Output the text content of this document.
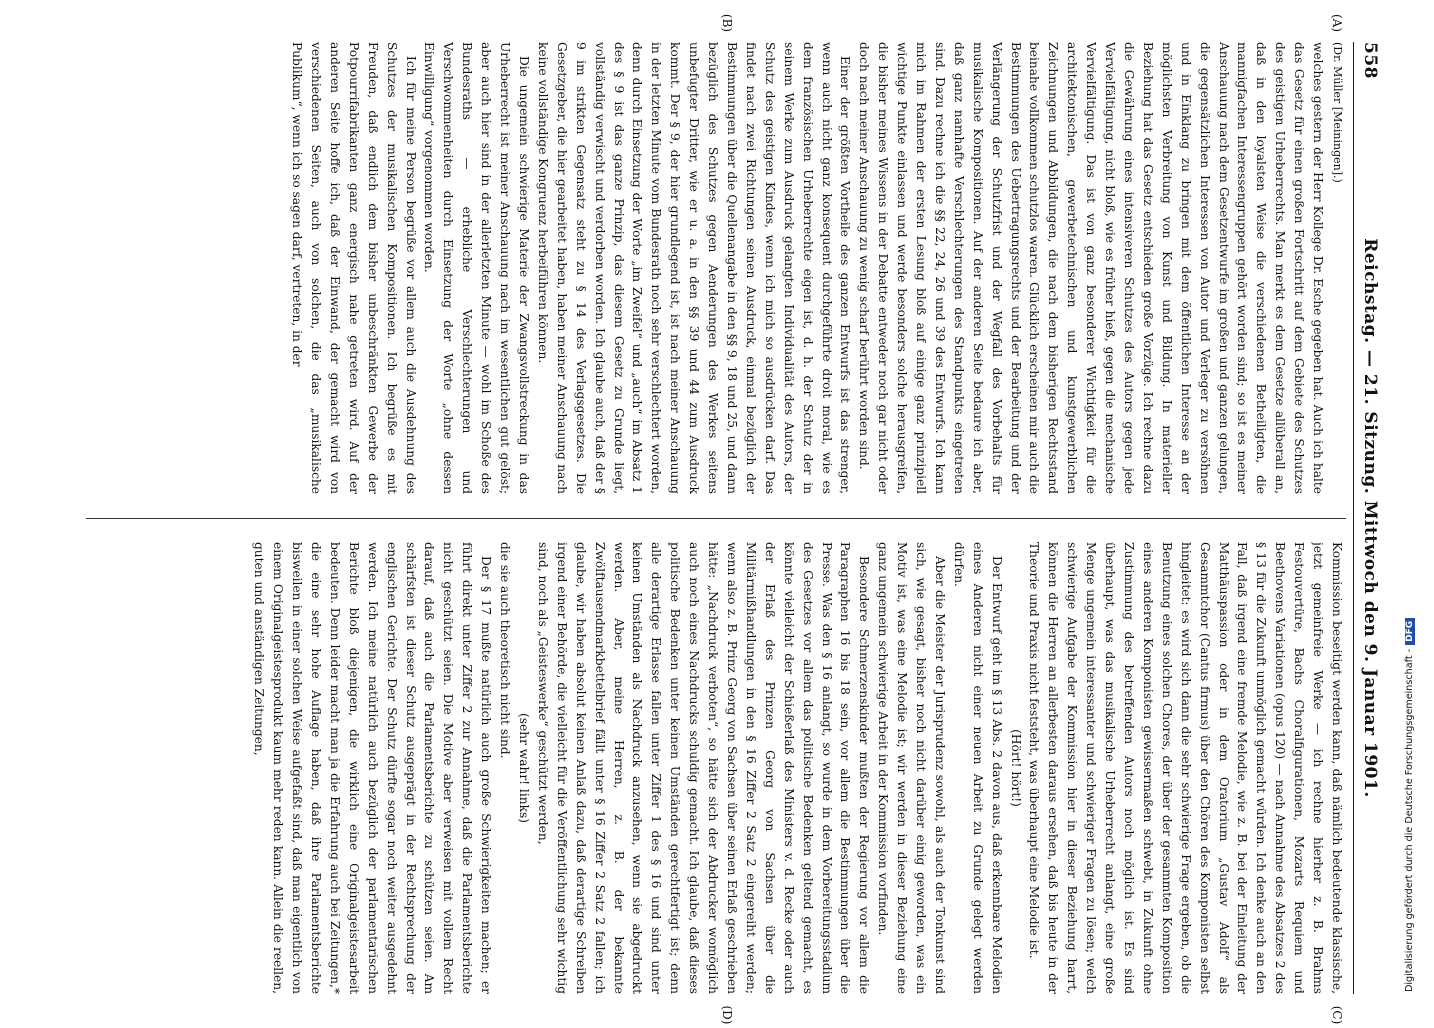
558
Reichstag. — 21. Sitzung. Mittwoch den 9. Januar 1901.
(A)
(B)
(C)
(D)

(Dr. Müller [Meiningen].)

welches gestern der Herr Kollege Dr. Esche gegeben hat. Auch ich halte das Gesetz für einen großen Fortschritt auf dem Gebiete des Schutzes des geistigen Urheberrechts. Man merkt es dem Gesetze allüberall an, daß in den loyalsten Weise die verschiedenen Betheiligten, die mannigfachen Interessengruppen gehört worden sind; so ist es meiner Anschauung nach dem Gesetzentwurfe im großen und ganzen gelungen, die gegensätzlichen Interessen von Autor und Verleger zu versöhnen und in Einklang zu bringen mit dem öffentlichen Interesse an der möglichsten Verbreitung von Kunst und Bildung. In materieller Beziehung hat das Gesetz entschieden große Vorzüge. Ich rechne dazu die Gewährung eines intensiveren Schutzes des Autors gegen jede Vervielfältigung, nicht bloß, wie es früher hieß, gegen die mechanische Vervielfältigung. Das ist von ganz besonderer Wichtigkeit für die architektonischen, gewerbetechnischen und kunstgewerblichen Zeichnungen und Abbildungen, die nach dem bisherigen Rechtsstand beinahe vollkommen schutzlos waren. Glücklich erscheinen mir auch die Bestimmungen des Uebertragungsrechts und der Bearbeitung und der Verlängerung der Schutzfrist und der Wegfall des Vorbehalts für musikalische Kompositionen. Auf der anderen Seite bedaure ich aber, daß ganz namhafte Verschlechterungen des Standpunkts eingetreten sind. Dazu rechne ich die §§ 22, 24, 26 und 39 des Entwurfs. Ich kann mich im Rahmen der ersten Lesung bloß auf einige ganz prinzipiell wichtige Punkte einlassen und werde besonders solche herausgreifen, die bisher meines Wissens in der Debatte entweder noch gar nicht oder doch nach meiner Anschauung zu wenig scharf berührt worden sind.

Einer der größten Vortheile des ganzen Entwurfs ist das strenger, wenn auch nicht ganz konsequent durchgeführte droit moral, wie es dem französischen Urheberrechte eigen ist, d. h. der Schutz der in seinem Werke zum Ausdruck gelangten Individualität des Autors, der Schutz des geistigen Kindes, wenn ich mich so ausdrücken darf. Das findet nach zwei Richtungen seinen Ausdruck, einmal bezüglich der Bestimmungen über die Quellenangabe in den §§ 9, 18 und 25, und dann bezüglich des Schutzes gegen Aenderungen des Werkes seitens unbefugter Dritter, wie er u. a. in den §§ 39 und 44 zum Ausdruck kommt. Der § 9, der hier grundlegend ist, ist nach meiner Anschauung in der letzten Minute vom Bundesrath noch sehr verschlechtert worden, denn durch Einsetzung der Worte „im Zweifel“ und „auch“ im Absatz 1 des § 9 ist das ganze Prinzip, das diesem Gesetz zu Grunde liegt, vollständig verwischt und verdorben worden. Ich glaube auch, daß der § 9 im strikten Gegensatz steht zu § 14 des Verlagsgesetzes. Die Gesetzgeber, die hier gearbeitet haben, haben meiner Anschauung nach keine vollständige Kongruenz herbeiführen können.

Die ungemein schwierige Materie der Zwangsvollstreckung in das Urheberrecht ist meiner Anschauung nach im wesentlichen gut gelöst; aber auch hier sind in der allerletzten Minute — wohl im Schoße des Bundesraths — erhebliche Verschlechterungen und Verschwommenheiten durch Einsetzung der Worte „ohne dessen Einwilligung“ vorgenommen worden.

Ich für meine Person begrüße vor allem auch die Ausdehnung des Schutzes der musikalischen Kompositionen. Ich begrüße es mit Freuden, daß endlich dem bisher unbeschränkten Gewerbe der Potpourrifabrikanten ganz energisch nahe getreten wird. Auf der anderen Seite hoffe ich, daß der Einwand, der gemacht wird von verschiedenen Seiten, auch von solchen, die das „musikalische Publikum“, wenn ich so sagen darf, vertreten, in der

Kommission beseitigt werden kann, daß nämlich bedeutende klassische, jetzt gemeinfreie Werke — ich rechne hierher z. B. Brahms Festouvertüre, Bachs Choralfigurationen, Mozarts Requiem und Beethovens Variationen (opus 120) — nach Annahme des Absatzes 2 des § 13 für die Zukunft unmöglich gemacht würden. Ich denke auch an den Fall, daß irgend eine fremde Melodie, wie z. B. bei der Einleitung der Matthäuspassion oder in dem Oratorium „Gustav Adolf“ als Gesammtchor (Cantus firmus) über den Chören des Komponisten selbst hingleitet: es wird sich dann die sehr schwierige Frage ergeben, ob die Benutzung eines solchen Chores, der über der gesammten Komposition eines anderen Komponisten gewissermaßen schwebt, in Zukunft ohne Zustimmung des betreffenden Autors noch möglich ist. Es sind überhaupt, was das musikalische Urheberrecht anlangt, eine große Menge ungemein interessanter und schwieriger Fragen zu lösen; welch schwierige Aufgabe der Kommission hier in dieser Beziehung harrt, können die Herren an allerbesten daraus ersehen, daß bis heute in der Theorie und Praxis nicht feststeht, was überhaupt eine Melodie ist.

(Hört! hört!)

Der Entwurf geht im § 13 Abs. 2 davon aus, daß erkennbare Melodien eines Anderen nicht einer neuen Arbeit zu Grunde gelegt werden dürfen.

Aber die Meister der Jurisprudenz sowohl, als auch der Tonkunst sind sich, wie gesagt, bisher noch nicht darüber einig geworden, was ein Motiv ist, was eine Melodie ist; wir werden in dieser Beziehung eine ganz ungemein schwierige Arbeit in der Kommission vorfinden.

Besondere Schmerzenskinder mußten der Regierung vor allem die Paragraphen 16 bis 18 sein, vor allem die Bestimmungen über die Presse. Was den § 16 anlangt, so wurde in dem Vorbereitungsstadium des Gesetzes vor allem das politische Bedenken geltend gemacht, es könnte vielleicht der Schießerlaß des Ministers v. d. Recke oder auch der Erlaß des Prinzen Georg von Sachsen über die Militärmißhandlungen in den § 16 Ziffer 2 Satz 2 eingereiht werden; wenn also z. B. Prinz Georg von Sachsen über seinen Erlaß geschrieben hätte: „Nachdruck verboten“, so hätte sich der Abdrucker womöglich auch noch eines Nachdrucks schuldig gemacht. Ich glaube, daß dieses politische Bedenken unter keinen Umständen gerechtfertigt ist; denn alle derartige Erlasse fallen unter Ziffer 1 des § 16 und sind unter keinen Umständen als Nachdruck anzusehen, wenn sie abgedruckt werden. Aber, meine Herren, z. B. der bekannte Zwölftausendmarkbettelbrief fällt unter § 16 Ziffer 2 Satz 2 fallen; ich glaube, wir haben absolut keinen Anlaß dazu, daß derartige Schreiben irgend einer Behörde, die vielleicht für die Veröffentlichung sehr wichtig sind, noch als „Geisteswerke“ geschützt werden,

(sehr wahr! links)

die sie auch theoretisch nicht sind.

Der § 17 mußte natürlich auch große Schwierigkeiten machen; er führt direkt unter Ziffer 2 zur Annahme, daß die Parlamentsberichte nicht geschützt seien. Die Motive aber verweisen mit vollem Recht darauf, daß auch die Parlamentsberichte zu schützen seien. Am schärfsten ist dieser Schutz ausgeprägt in der Rechtsprechung der englischen Gerichte. Der Schutz dürfte sogar noch weiter ausgedehnt werden. Ich meine natürlich auch bezüglich der parlamentarischen Berichte bloß diejenigen, die wirklich eine Originalgeistesarbeit bedeuten. Denn leider macht man ja die Erfahrung auch bei Zeitungen,* die eine sehr hohe Auflage haben, daß ihre Parlamentsberichte bisweilen in einer solchen Weise aufgefaßt sind, daß man eigentlich von einem Originalgeistesprodukt kaum mehr reden kann. Allein die reellen, guten und anständigen Zeitungen,

Digitalisierung gefördert durch die Deutsche Forschungsgemeinschaft -DFG
